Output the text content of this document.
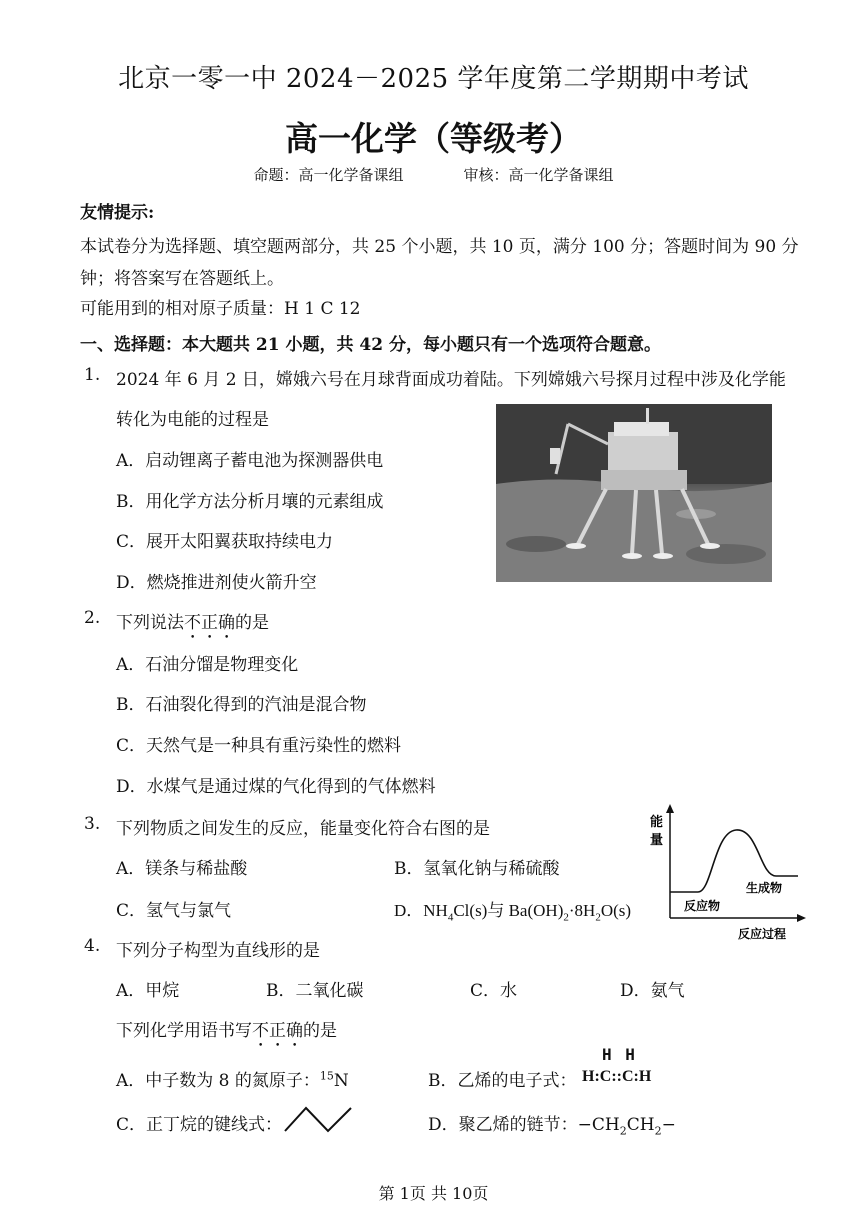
北京一零一中 2024－2025 学年度第二学期期中考试
高一化学（等级考）
命题：高一化学备课组	审核：高一化学备课组
友情提示:
本试卷分为选择题、填空题两部分，共 25 个小题，共 10 页，满分 100 分；答题时间为 90 分
钟；将答案写在答题纸上。
可能用到的相对原子质量：H 1 C 12
一、选择题：本大题共 21 小题，共 42 分，每小题只有一个选项符合题意。
1. 2024 年 6 月 2 日，嫦娥六号在月球背面成功着陆。下列嫦娥六号探月过程中涉及化学能
转化为电能的过程是
A．启动锂离子蓄电池为探测器供电
B．用化学方法分析月壤的元素组成
C．展开太阳翼获取持续电力
D．燃烧推进剂使火箭升空
2. 下列说法不正确的是
A．石油分馏是物理变化
B．石油裂化得到的汽油是混合物
C．天然气是一种具有重污染性的燃料
D．水煤气是通过煤的气化得到的气体燃料
3. 下列物质之间发生的反应，能量变化符合右图的是
A．镁条与稀盐酸	B．氢氧化钠与稀硫酸
C．氢气与氯气	D．$NH_4Cl(s)$与 $Ba(OH)_2\cdot 8H_2O(s)$
能
量
反应物
生成物
反应过程
4. 下列分子构型为直线形的是
A．甲烷	B．二氧化碳	C．水	D．氨气
下列化学用语书写不正确的是
A．中子数为 8 的氮原子：$^{15}$N	B．乙烯的电子式：
H H
H:C::C:H
C．正丁烷的键线式：	D．聚乙烯的链节：$-CH_2CH_2-$
第 1页 共 10页
